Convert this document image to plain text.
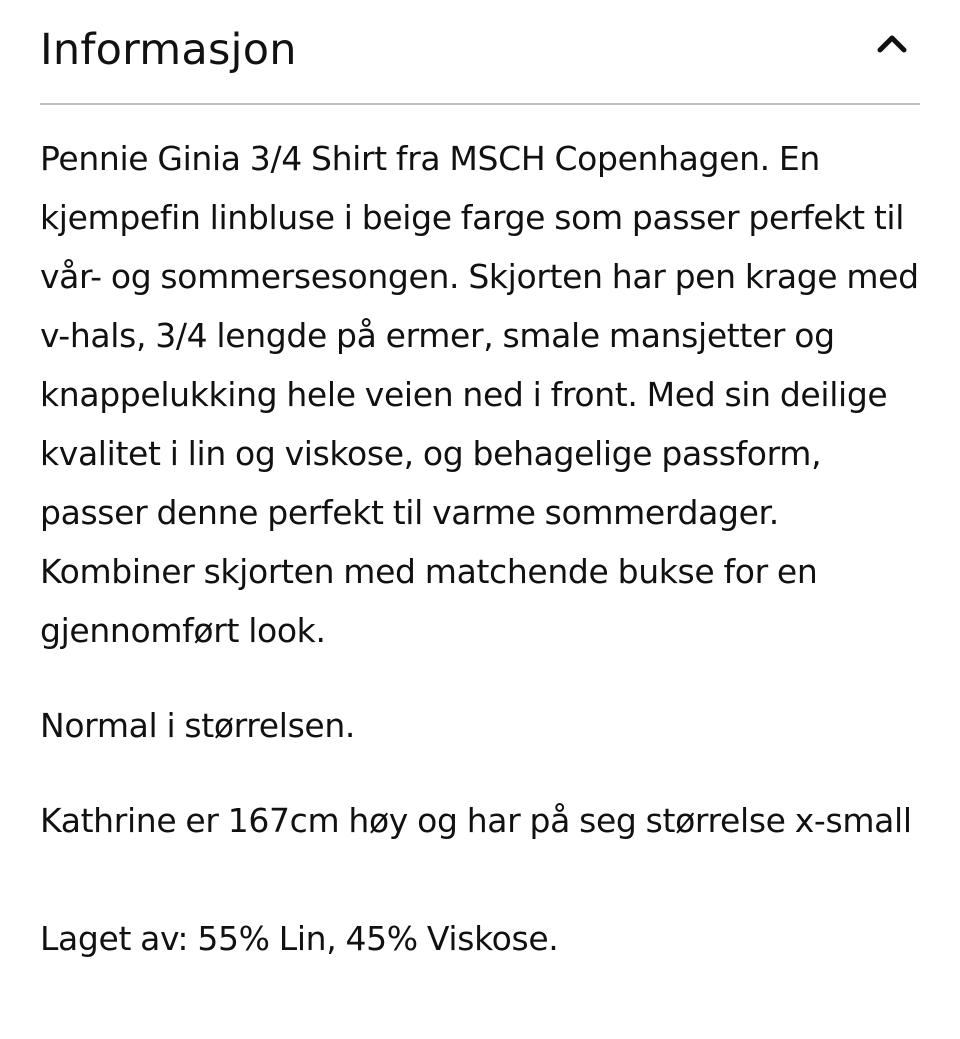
Informasjon

Pennie Ginia 3/4 Shirt fra MSCH Copenhagen. En kjempefin linbluse i beige farge som passer perfekt til vår- og sommersesongen. Skjorten har pen krage med v-hals, 3/4 lengde på ermer, smale mansjetter og knappelukking hele veien ned i front. Med sin deilige kvalitet i lin og viskose, og behagelige passform, passer denne perfekt til varme sommerdager. Kombiner skjorten med matchende bukse for en gjennomført look.

Normal i størrelsen.

Kathrine er 167cm høy og har på seg størrelse x-small

Laget av: 55% Lin, 45% Viskose.
